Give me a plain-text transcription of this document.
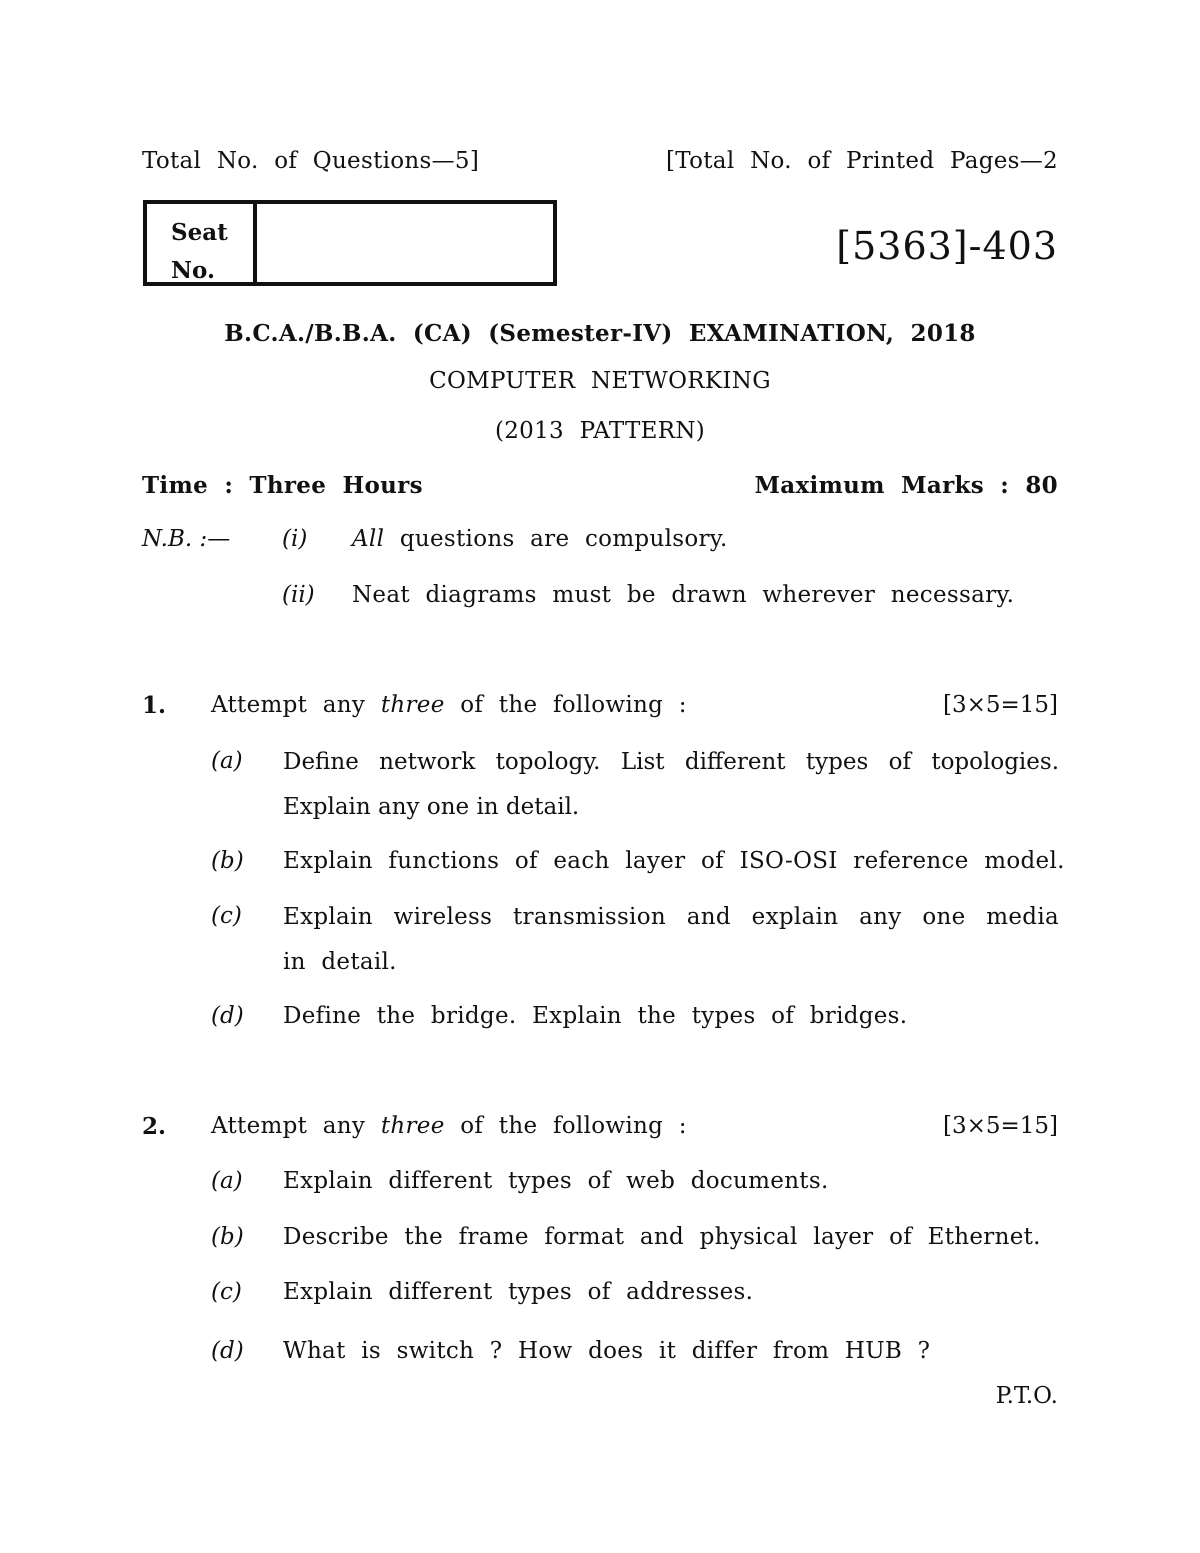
Total No. of Questions—5]	[Total No. of Printed Pages—2
Seat
No.
[5363]-403
B.C.A./B.B.A. (CA) (Semester-IV) EXAMINATION, 2018
COMPUTER NETWORKING
(2013 PATTERN)
Time : Three Hours	Maximum Marks : 80
N.B. :— (i) All questions are compulsory.
(ii) Neat diagrams must be drawn wherever necessary.
1. Attempt any three of the following :	[3×5=15]
(a) Define network topology. List different types of topologies. Explain any one in detail.
(b) Explain functions of each layer of ISO-OSI reference model.
(c) Explain wireless transmission and explain any one media in detail.
(d) Define the bridge. Explain the types of bridges.
2. Attempt any three of the following :	[3×5=15]
(a) Explain different types of web documents.
(b) Describe the frame format and physical layer of Ethernet.
(c) Explain different types of addresses.
(d) What is switch ? How does it differ from HUB ?
P.T.O.
